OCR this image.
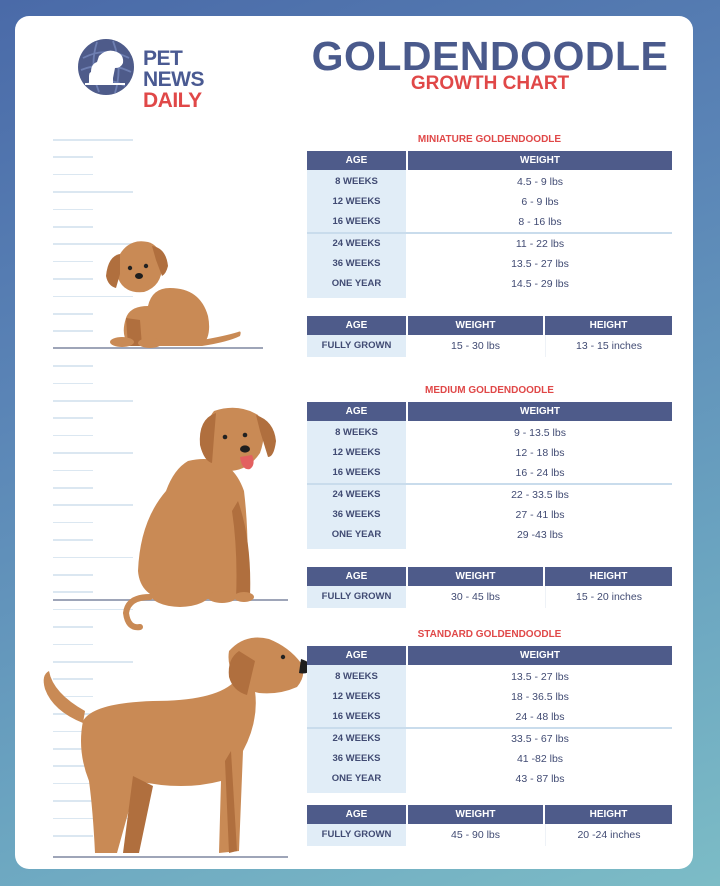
PET NEWS
DAILY
GOLDENDOODLE
GROWTH CHART
MINIATURE GOLDENDOODLE
MEDIUM GOLDENDOODLE
STANDARD GOLDENDOODLE
AGE	WEIGHT
8 WEEKS	4.5 - 9 lbs
12 WEEKS	6 - 9 lbs
16 WEEKS	8 - 16 lbs
24 WEEKS	11 - 22 lbs
36 WEEKS	13.5 - 27 lbs
ONE YEAR	14.5 - 29 lbs
AGE	WEIGHT	HEIGHT
FULLY GROWN	15 - 30 lbs	13 - 15 inches
AGE	WEIGHT
8 WEEKS	9 - 13.5 lbs
12 WEEKS	12 - 18 lbs
16 WEEKS	16 - 24 lbs
24 WEEKS	22 - 33.5 lbs
36 WEEKS	27 - 41 lbs
ONE YEAR	29 -43 lbs
AGE	WEIGHT	HEIGHT
FULLY GROWN	30 - 45 lbs	15 - 20 inches
AGE	WEIGHT
8 WEEKS	13.5 - 27 lbs
12 WEEKS	18 - 36.5 lbs
16 WEEKS	24 - 48 lbs
24 WEEKS	33.5 - 67 lbs
36 WEEKS	41 -82 lbs
ONE YEAR	43 - 87 lbs
AGE	WEIGHT	HEIGHT
FULLY GROWN	45 - 90 lbs	20 -24 inches
